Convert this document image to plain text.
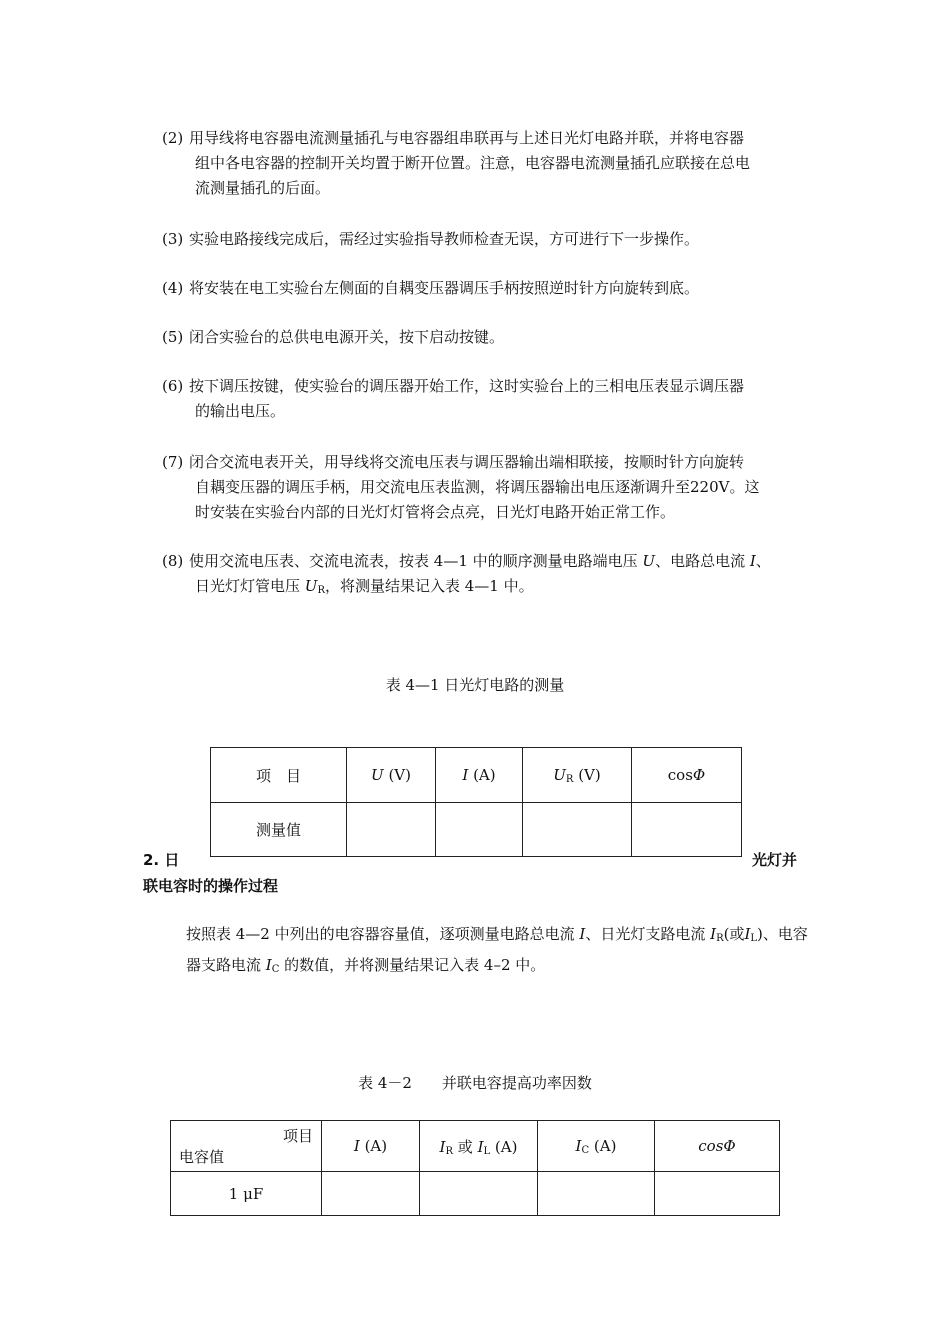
(2) 用导线将电容器电流测量插孔与电容器组串联再与上述日光灯电路并联，并将电容器
组中各电容器的控制开关均置于断开位置。注意，电容器电流测量插孔应联接在总电
流测量插孔的后面。
(3) 实验电路接线完成后，需经过实验指导教师检查无误，方可进行下一步操作。
(4) 将安装在电工实验台左侧面的自耦变压器调压手柄按照逆时针方向旋转到底。
(5) 闭合实验台的总供电电源开关，按下启动按键。
(6) 按下调压按键，使实验台的调压器开始工作，这时实验台上的三相电压表显示调压器
的输出电压。
(7) 闭合交流电表开关，用导线将交流电压表与调压器输出端相联接，按顺时针方向旋转
自耦变压器的调压手柄，用交流电压表监测，将调压器输出电压逐渐调升至220V。这
时安装在实验台内部的日光灯灯管将会点亮，日光灯电路开始正常工作。
(8) 使用交流电压表、交流电流表，按表 4—1 中的顺序测量电路端电压 U、电路总电流 I、
日光灯灯管电压 $U_R$，将测量结果记入表 4—1 中。
表 4—1 日光灯电路的测量
项　目	U (V)	I (A)	$U_R$ (V)	cosΦ
测量值				
2. 日	光灯并
联电容时的操作过程
按照表 4—2 中列出的电容器容量值，逐项测量电路总电流 I、日光灯支路电流 $I_R$(或$I_L$)、电容器支路电流 $I_C$ 的数值，并将测量结果记入表 4–2 中。
表 4－2　　并联电容提高功率因数
项目
电容值	I (A)	$I_R$ 或 $I_L$ (A)	$I_C$ (A)	cosΦ
1 μF				
